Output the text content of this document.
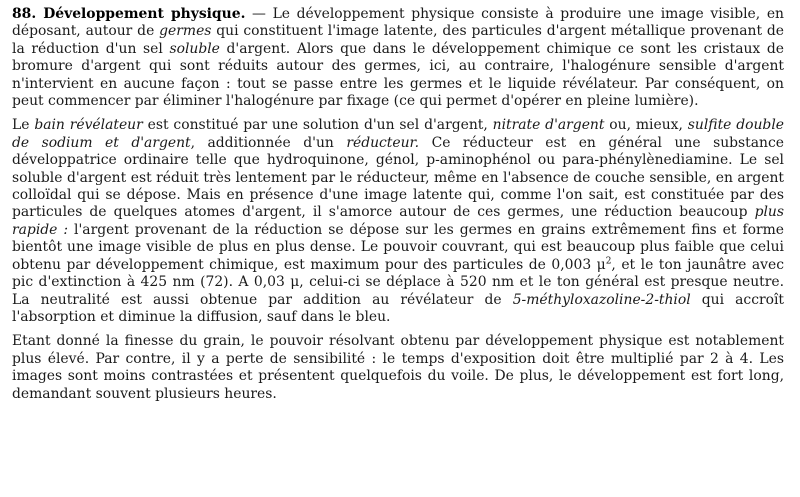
88. Développement physique. — Le développement physique consiste à produire une image visible, en déposant, autour de germes qui constituent l'image latente, des particules d'argent métallique provenant de la réduction d'un sel soluble d'argent. Alors que dans le développement chimique ce sont les cristaux de bromure d'argent qui sont réduits autour des germes, ici, au contraire, l'halogénure sensible d'argent n'intervient en aucune façon : tout se passe entre les germes et le liquide révélateur. Par conséquent, on peut commencer par éliminer l'halogénure par fixage (ce qui permet d'opérer en pleine lumière).

Le bain révélateur est constitué par une solution d'un sel d'argent, nitrate d'argent ou, mieux, sulfite double de sodium et d'argent, additionnée d'un réducteur. Ce réducteur est en général une substance développatrice ordinaire telle que hydroquinone, génol, p-aminophénol ou para-phénylènediamine. Le sel soluble d'argent est réduit très lentement par le réducteur, même en l'absence de couche sensible, en argent colloïdal qui se dépose. Mais en présence d'une image latente qui, comme l'on sait, est constituée par des particules de quelques atomes d'argent, il s'amorce autour de ces germes, une réduction beaucoup plus rapide : l'argent provenant de la réduction se dépose sur les germes en grains extrêmement fins et forme bientôt une image visible de plus en plus dense. Le pouvoir couvrant, qui est beaucoup plus faible que celui obtenu par développement chimique, est maximum pour des particules de 0,003 $\mu^2$, et le ton jaunâtre avec pic d'extinction à 425 nm (72). A 0,03 μ, celui-ci se déplace à 520 nm et le ton général est presque neutre. La neutralité est aussi obtenue par addition au révélateur de 5-méthyloxazoline-2-thiol qui accroît l'absorption et diminue la diffusion, sauf dans le bleu.

Etant donné la finesse du grain, le pouvoir résolvant obtenu par développement physique est notablement plus élevé. Par contre, il y a perte de sensibilité : le temps d'exposition doit être multiplié par 2 à 4. Les images sont moins contrastées et présentent quelquefois du voile. De plus, le développement est fort long, demandant souvent plusieurs heures.
